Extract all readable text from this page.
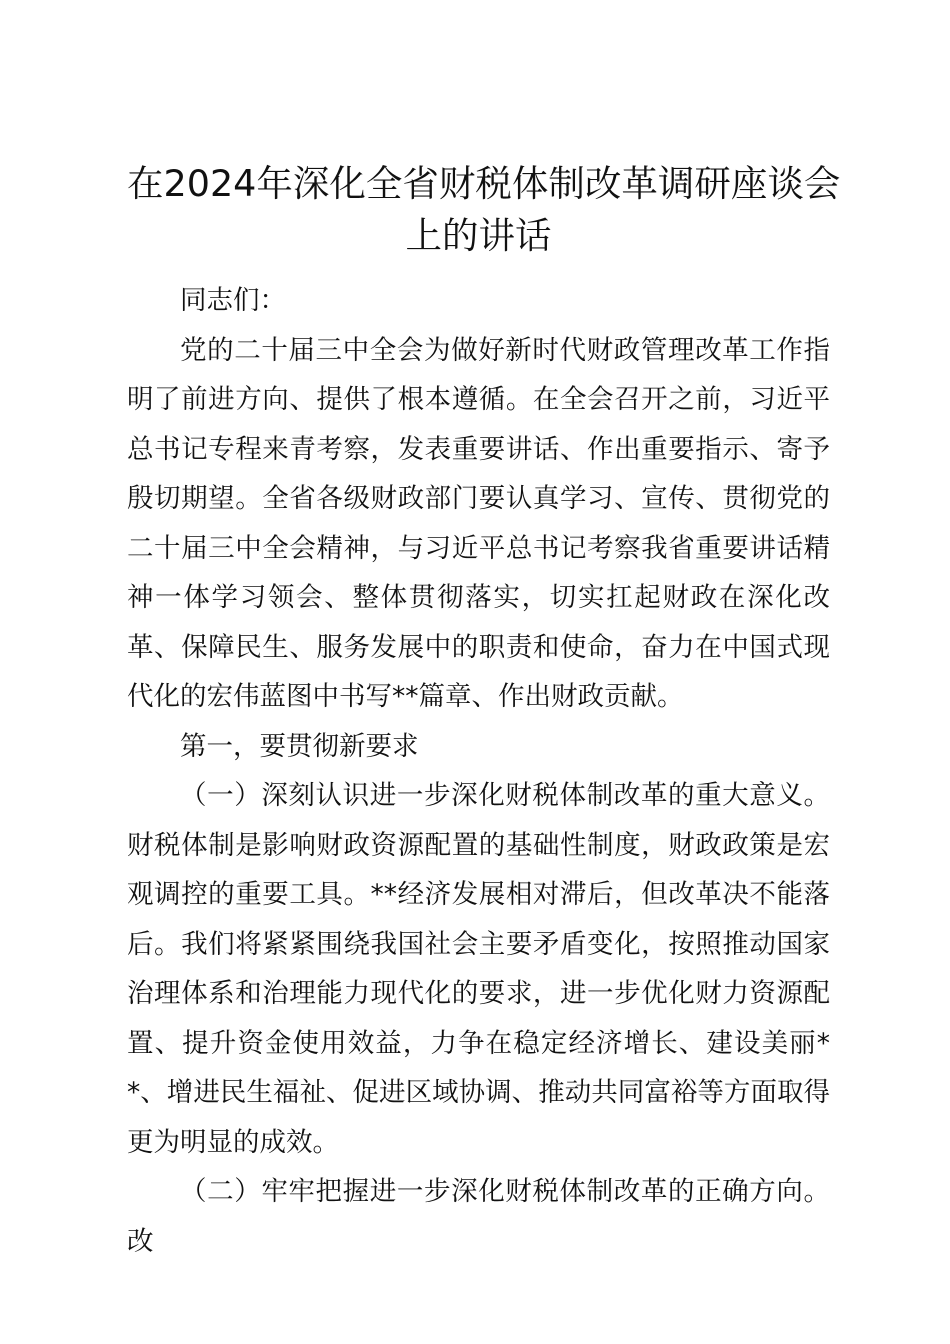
在2024年深化全省财税体制改革调研座谈会
上的讲话

同志们：

党的二十届三中全会为做好新时代财政管理改革工作指明了前进方向、提供了根本遵循。在全会召开之前，习近平总书记专程来青考察，发表重要讲话、作出重要指示、寄予殷切期望。全省各级财政部门要认真学习、宣传、贯彻党的二十届三中全会精神，与习近平总书记考察我省重要讲话精神一体学习领会、整体贯彻落实，切实扛起财政在深化改革、保障民生、服务发展中的职责和使命，奋力在中国式现代化的宏伟蓝图中书写**篇章、作出财政贡献。

第一，要贯彻新要求

（一）深刻认识进一步深化财税体制改革的重大意义。财税体制是影响财政资源配置的基础性制度，财政政策是宏观调控的重要工具。**经济发展相对滞后，但改革决不能落后。我们将紧紧围绕我国社会主要矛盾变化，按照推动国家治理体系和治理能力现代化的要求，进一步优化财力资源配置、提升资金使用效益，力争在稳定经济增长、建设美丽**、增进民生福祉、促进区域协调、推动共同富裕等方面取得更为明显的成效。

（二）牢牢把握进一步深化财税体制改革的正确方向。改
